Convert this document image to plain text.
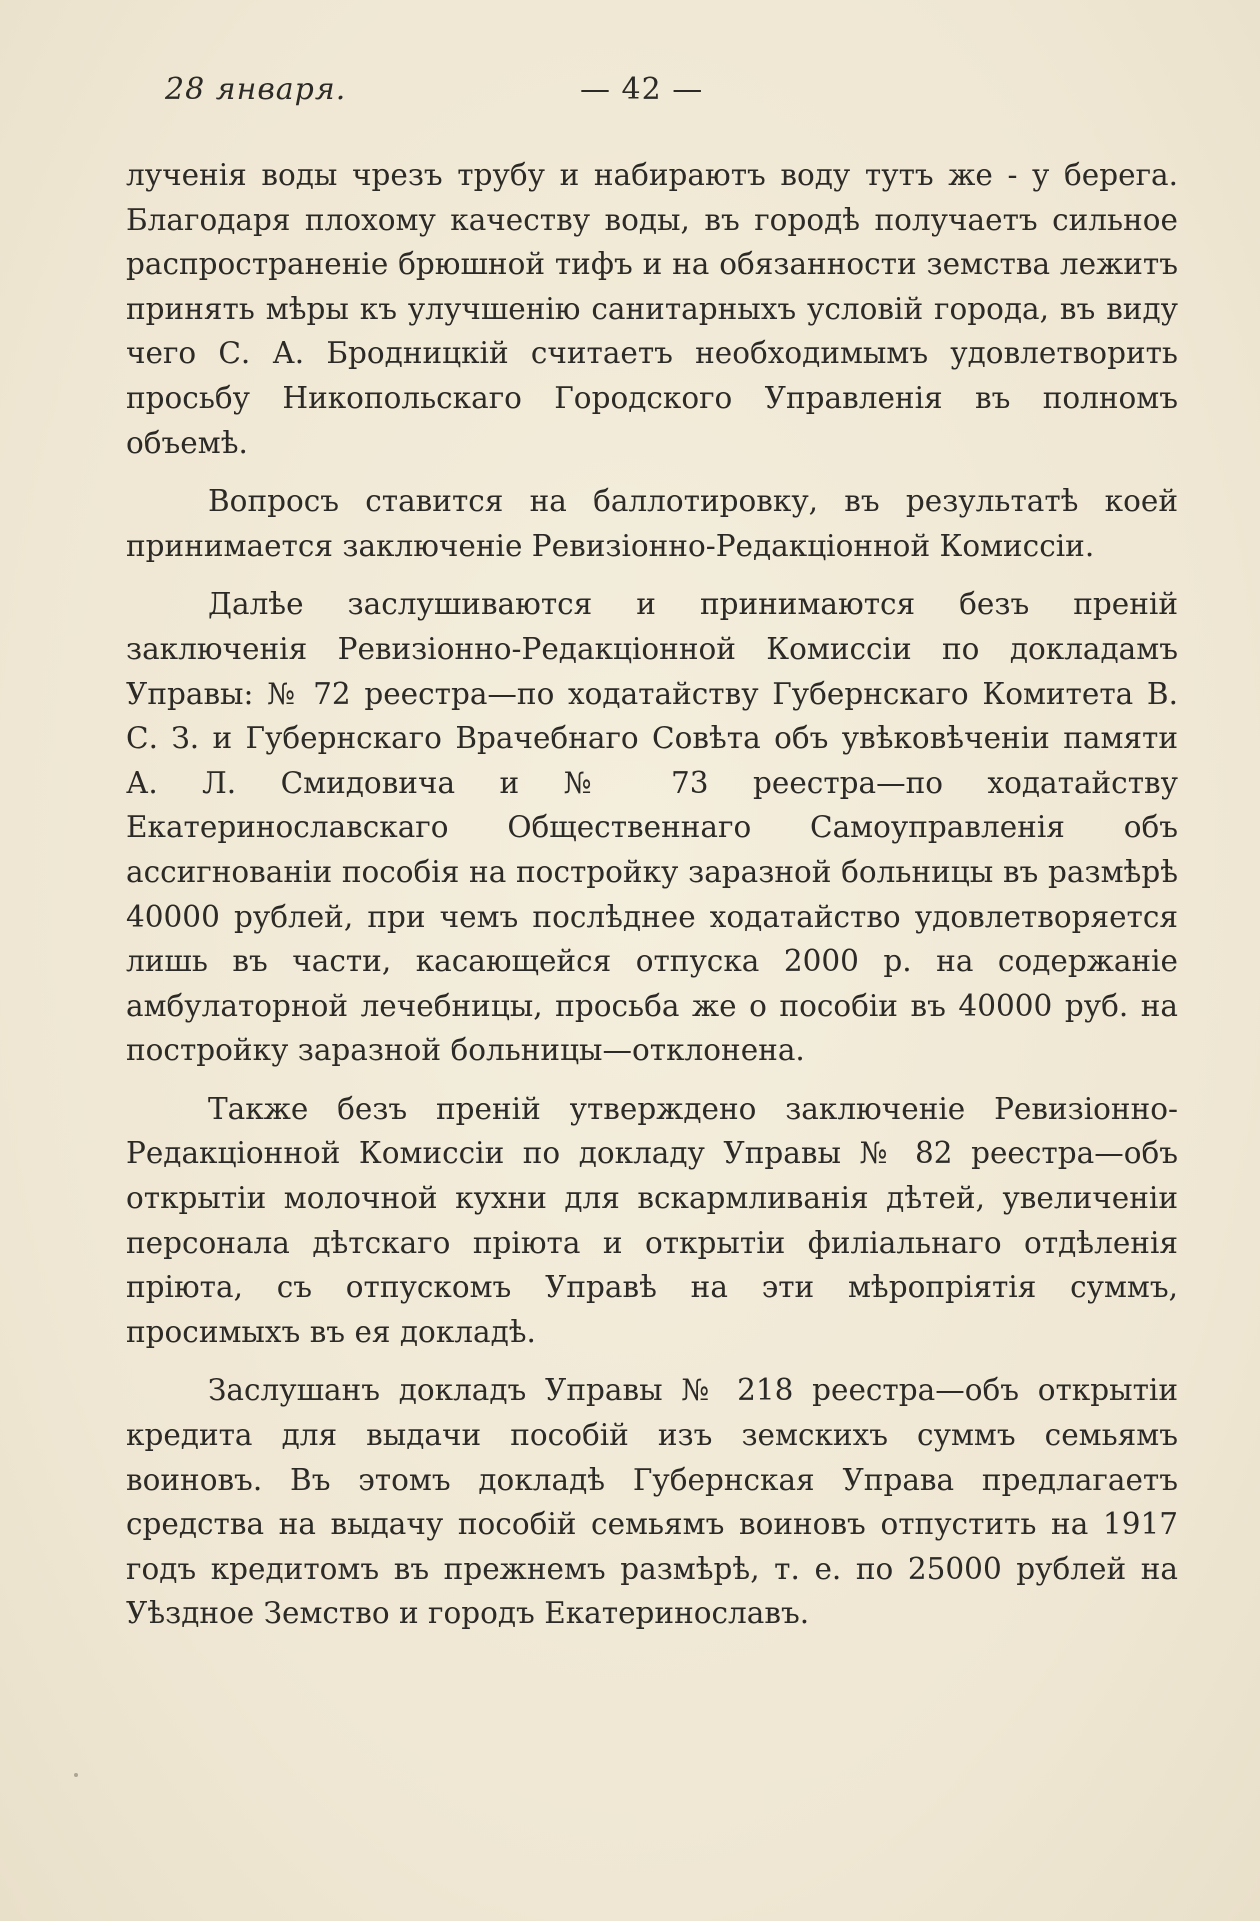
28 января.	— 42 —

лученія воды чрезъ трубу и набираютъ воду тутъ же - у берега. Благодаря плохому качеству воды, въ городѣ получаетъ сильное распространеніе брюшной тифъ и на обязанности земства лежитъ принять мѣры къ улучшенію санитарныхъ условій города, въ виду чего С. А. Бродницкій считаетъ необходимымъ удовлетворить просьбу Никопольскаго Городского Управленія въ полномъ объемѣ.

Вопросъ ставится на баллотировку, въ результатѣ коей принимается заключеніе Ревизіонно-Редакціонной Комиссіи.

Далѣе заслушиваются и принимаются безъ преній заключенія Ревизіонно-Редакціонной Комиссіи по докладамъ Управы: № 72 реестра—по ходатайству Губернскаго Комитета В. С. З. и Губернскаго Врачебнаго Совѣта объ увѣковѣченіи памяти А. Л. Смидовича и № 73 реестра—по ходатайству Екатеринославскаго Общественнаго Самоуправленія объ ассигнованіи пособія на постройку заразной больницы въ размѣрѣ 40000 рублей, при чемъ послѣднее ходатайство удовлетворяется лишь въ части, касающейся отпуска 2000 р. на содержаніе амбулаторной лечебницы, просьба же о пособіи въ 40000 руб. на постройку заразной больницы—отклонена.

Также безъ преній утверждено заключеніе Ревизіонно-Редакціонной Комиссіи по докладу Управы № 82 реестра—объ открытіи молочной кухни для вскармливанія дѣтей, увеличеніи персонала дѣтскаго пріюта и открытіи филіальнаго отдѣленія пріюта, съ отпускомъ Управѣ на эти мѣропріятія суммъ, просимыхъ въ ея докладѣ.

Заслушанъ докладъ Управы № 218 реестра—объ открытіи кредита для выдачи пособій изъ земскихъ суммъ семьямъ воиновъ. Въ этомъ докладѣ Губернская Управа предлагаетъ средства на выдачу пособій семьямъ воиновъ отпустить на 1917 годъ кредитомъ въ прежнемъ размѣрѣ, т. е. по 25000 рублей на Уѣздное Земство и городъ Екатеринославъ.
